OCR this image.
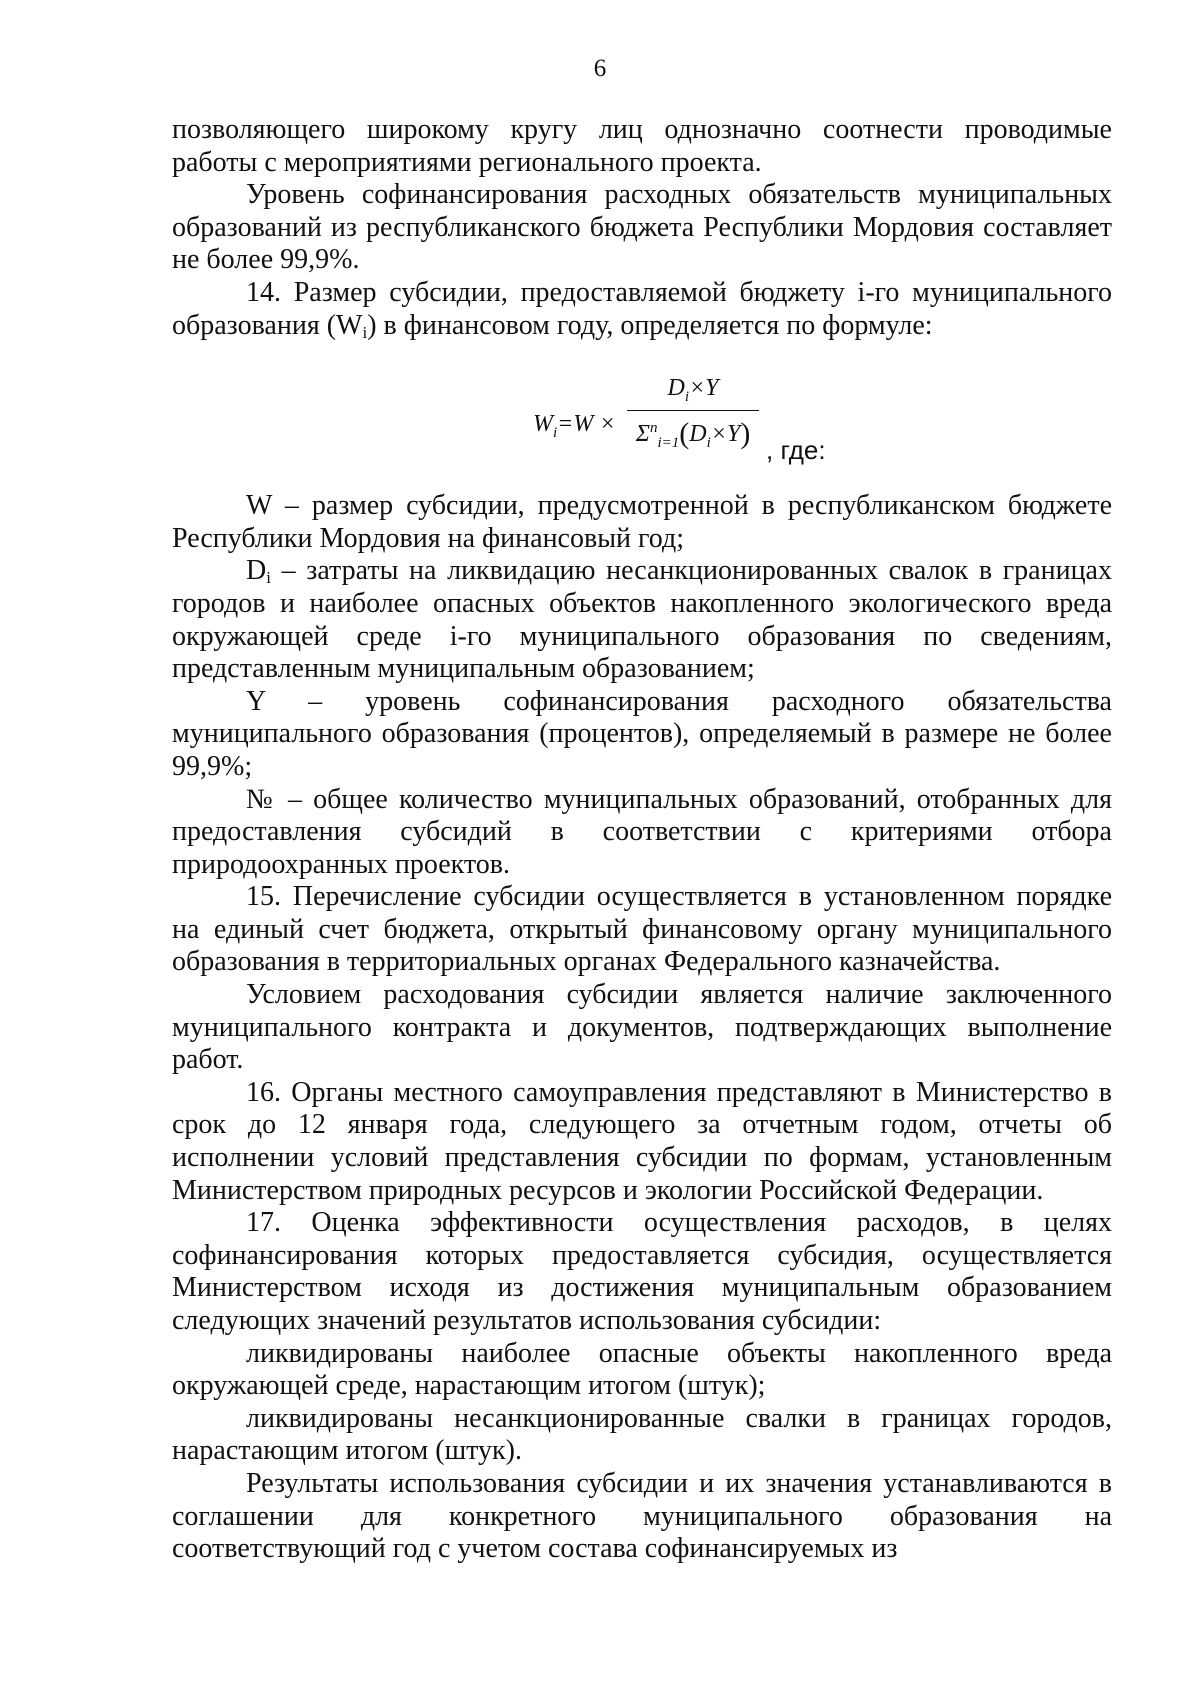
6

позволяющего широкому кругу лиц однозначно соотнести проводимые работы с мероприятиями регионального проекта.

Уровень софинансирования расходных обязательств муниципальных образований из республиканского бюджета Республики Мордовия составляет не более 99,9%.

14. Размер субсидии, предоставляемой бюджету i-го муниципального образования (Wi) в финансовом году, определяется по формуле:

$W_i=W$ ×
$D_i\times Y$
$\Sigma^n_{i=1}(D_i\times Y)$ , где:

W – размер субсидии, предусмотренной в республиканском бюджете Республики Мордовия на финансовый год;

Di – затраты на ликвидацию несанкционированных свалок в границах городов и наиболее опасных объектов накопленного экологического вреда окружающей среде i-го муниципального образования по сведениям, представленным муниципальным образованием;

Y – уровень софинансирования расходного обязательства муниципального образования (процентов), определяемый в размере не более 99,9%;

№ – общее количество муниципальных образований, отобранных для предоставления субсидий в соответствии с критериями отбора природоохранных проектов.

15. Перечисление субсидии осуществляется в установленном порядке на единый счет бюджета, открытый финансовому органу муниципального образования в территориальных органах Федерального казначейства.

Условием расходования субсидии является наличие заключенного муниципального контракта и документов, подтверждающих выполнение работ.

16. Органы местного самоуправления представляют в Министерство в срок до 12 января года, следующего за отчетным годом, отчеты об исполнении условий представления субсидии по формам, установленным Министерством природных ресурсов и экологии Российской Федерации.

17. Оценка эффективности осуществления расходов, в целях софинансирования которых предоставляется субсидия, осуществляется Министерством исходя из достижения муниципальным образованием следующих значений результатов использования субсидии:

ликвидированы наиболее опасные объекты накопленного вреда окружающей среде, нарастающим итогом (штук);

ликвидированы несанкционированные свалки в границах городов, нарастающим итогом (штук).

Результаты использования субсидии и их значения устанавливаются в соглашении для конкретного муниципального образования на соответствующий год с учетом состава софинансируемых из
